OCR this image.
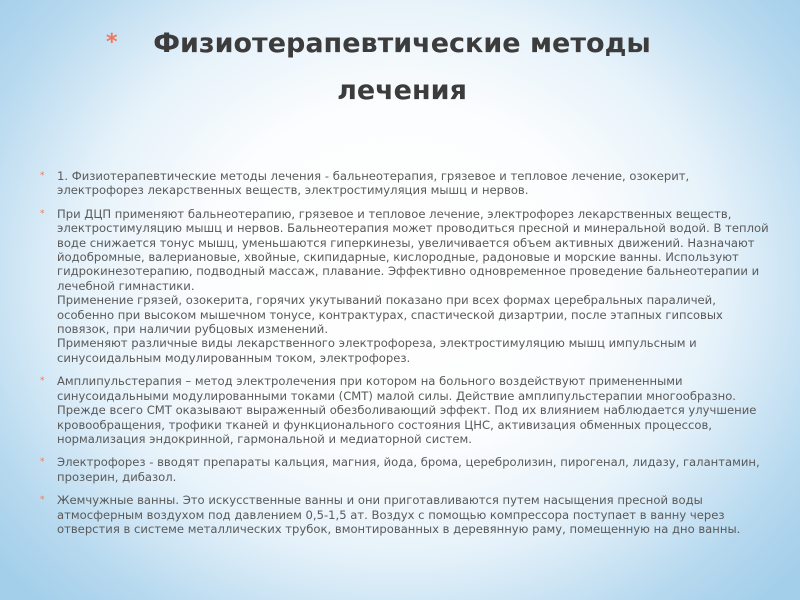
*	Физиотерапевтические методы
лечения
* 1. Физиотерапевтические методы лечения - бальнеотерапия, грязевое и тепловое лечение, озокерит, электрофорез лекарственных веществ, электростимуляция мышц и нервов.
* При ДЦП применяют бальнеотерапию, грязевое и тепловое лечение, электрофорез лекарственных веществ, электростимуляцию мышц и нервов. Бальнеотерапия может проводиться пресной и минеральной водой. В теплой воде снижается тонус мышц, уменьшаются гиперкинезы, увеличивается объем активных движений. Назначают йодобромные, валериановые, хвойные, скипидарные, кислородные, радоновые и морские ванны. Используют гидрокинезотерапию, подводный массаж, плавание. Эффективно одновременное проведение бальнеотерапии и лечебной гимнастики.
Применение грязей, озокерита, горячих укутываний показано при всех формах церебральных параличей, особенно при высоком мышечном тонусе, контрактурах, спастической дизартрии, после этапных гипсовых повязок, при наличии рубцовых изменений.
Применяют различные виды лекарственного электрофореза, электростимуляцию мышц импульсным и синусоидальным модулированным током, электрофорез.
* Амплипульстерапия – метод электролечения при котором на больного воздействуют примененными синусоидальными модулированными токами (СМТ) малой силы. Действие амплипульстерапии многообразно. Прежде всего СМТ оказывают выраженный обезболивающий эффект. Под их влиянием наблюдается улучшение кровообращения, трофики тканей и функционального состояния ЦНС, активизация обменных процессов, нормализация эндокринной, гармональной и медиаторной систем.
* Электрофорез - вводят препараты кальция, магния, йода, брома, церебролизин, пирогенал, лидазу, галантамин, прозерин, дибазол.
* Жемчужные ванны. Это искусственные ванны и они приготавливаются путем насыщения пресной воды атмосферным воздухом под давлением 0,5-1,5 ат. Воздух с помощью компрессора поступает в ванну через отверстия в системе металлических трубок, вмонтированных в деревянную раму, помещенную на дно ванны.
